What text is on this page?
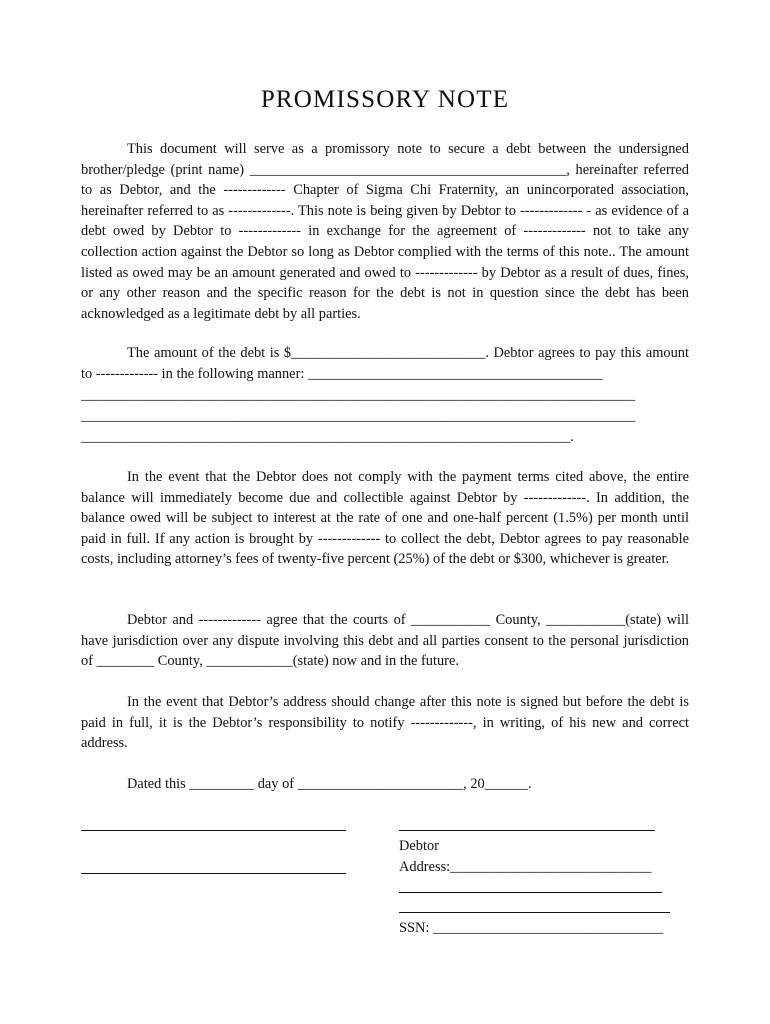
PROMISSORY NOTE

This document will serve as a promissory note to secure a debt between the undersigned brother/pledge (print name) ____________________________________________, hereinafter referred to as Debtor, and the ------------- Chapter of Sigma Chi Fraternity, an unincorporated association, hereinafter referred to as -------------. This note is being given by Debtor to ------------- - as evidence of a debt owed by Debtor to ------------- in exchange for the agreement of ------------- not to take any collection action against the Debtor so long as Debtor complied with the terms of this note.. The amount listed as owed may be an amount generated and owed to ------------- by Debtor as a result of dues, fines, or any other reason and the specific reason for the debt is not in question since the debt has been acknowledged as a legitimate debt by all parties.

The amount of the debt is $___________________________. Debtor agrees to pay this amount to ------------- in the following manner: _________________________________________

_____________________________________________________________________________
_____________________________________________________________________________
____________________________________________________________________.

In the event that the Debtor does not comply with the payment terms cited above, the entire balance will immediately become due and collectible against Debtor by -------------. In addition, the balance owed will be subject to interest at the rate of one and one-half percent (1.5%) per month until paid in full. If any action is brought by ------------- to collect the debt, Debtor agrees to pay reasonable costs, including attorney’s fees of twenty-five percent (25%) of the debt or $300, whichever is greater.

Debtor and ------------- agree that the courts of ___________ County, ___________(state) will have jurisdiction over any dispute involving this debt and all parties consent to the personal jurisdiction of ________ County, ____________(state) now and in the future.

In the event that Debtor’s address should change after this note is signed but before the debt is paid in full, it is the Debtor’s responsibility to notify -------------, in writing, of his new and correct address.

Dated this _________ day of _______________________, 20______.

Debtor
Address:____________________________
SSN: ________________________________
